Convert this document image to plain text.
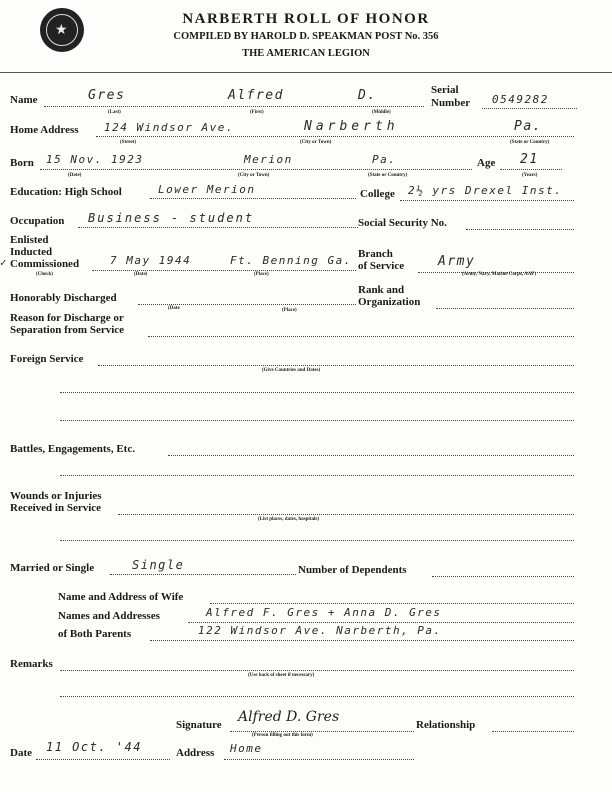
★
NARBERTH ROLL OF HONOR
COMPILED BY HAROLD D. SPEAKMAN POST No. 356
THE AMERICAN LEGION
Name	Gres	Alfred	D.
(Last)	(First)	(Middle)
Serial
Number 0549282
Home Address 124 Windsor Ave.	Narberth	Pa.
(Street)	(City or Town)	(State or Country)
Born 15 Nov. 1923	Merion	Pa.
(Date)	(City or Town)	(State or Country)
Age 21
(Years)
Education: High School	Lower Merion	College 2½ yrs Drexel Inst.
Occupation Business - student	Social Security No.
Enlisted
Inducted
✓ Commissioned	7 May 1944	Ft. Benning Ga.
(Check)	(Date)	(Place)
Branch
of Service	Army
(Army, Navy, Marine Corps, AAF)
Honorably Discharged
(Date	(Place)
Rank and
Organization
Reason for Discharge or
Separation from Service
Foreign Service
(Give Countries and Dates)
Battles, Engagements, Etc.
Wounds or Injuries
Received in Service
(List places, dates, hospitals)
Married or Single	Single	Number of Dependents
Name and Address of Wife
Names and Addresses	Alfred F. Gres + Anna D. Gres
of Both Parents	122 Windsor Ave. Narberth, Pa.
Remarks
(Use back of sheet if necessary)
Signature Alfred D. Gres
(Person filling out this form)
Relationship
Date 11 Oct. '44	Address Home
